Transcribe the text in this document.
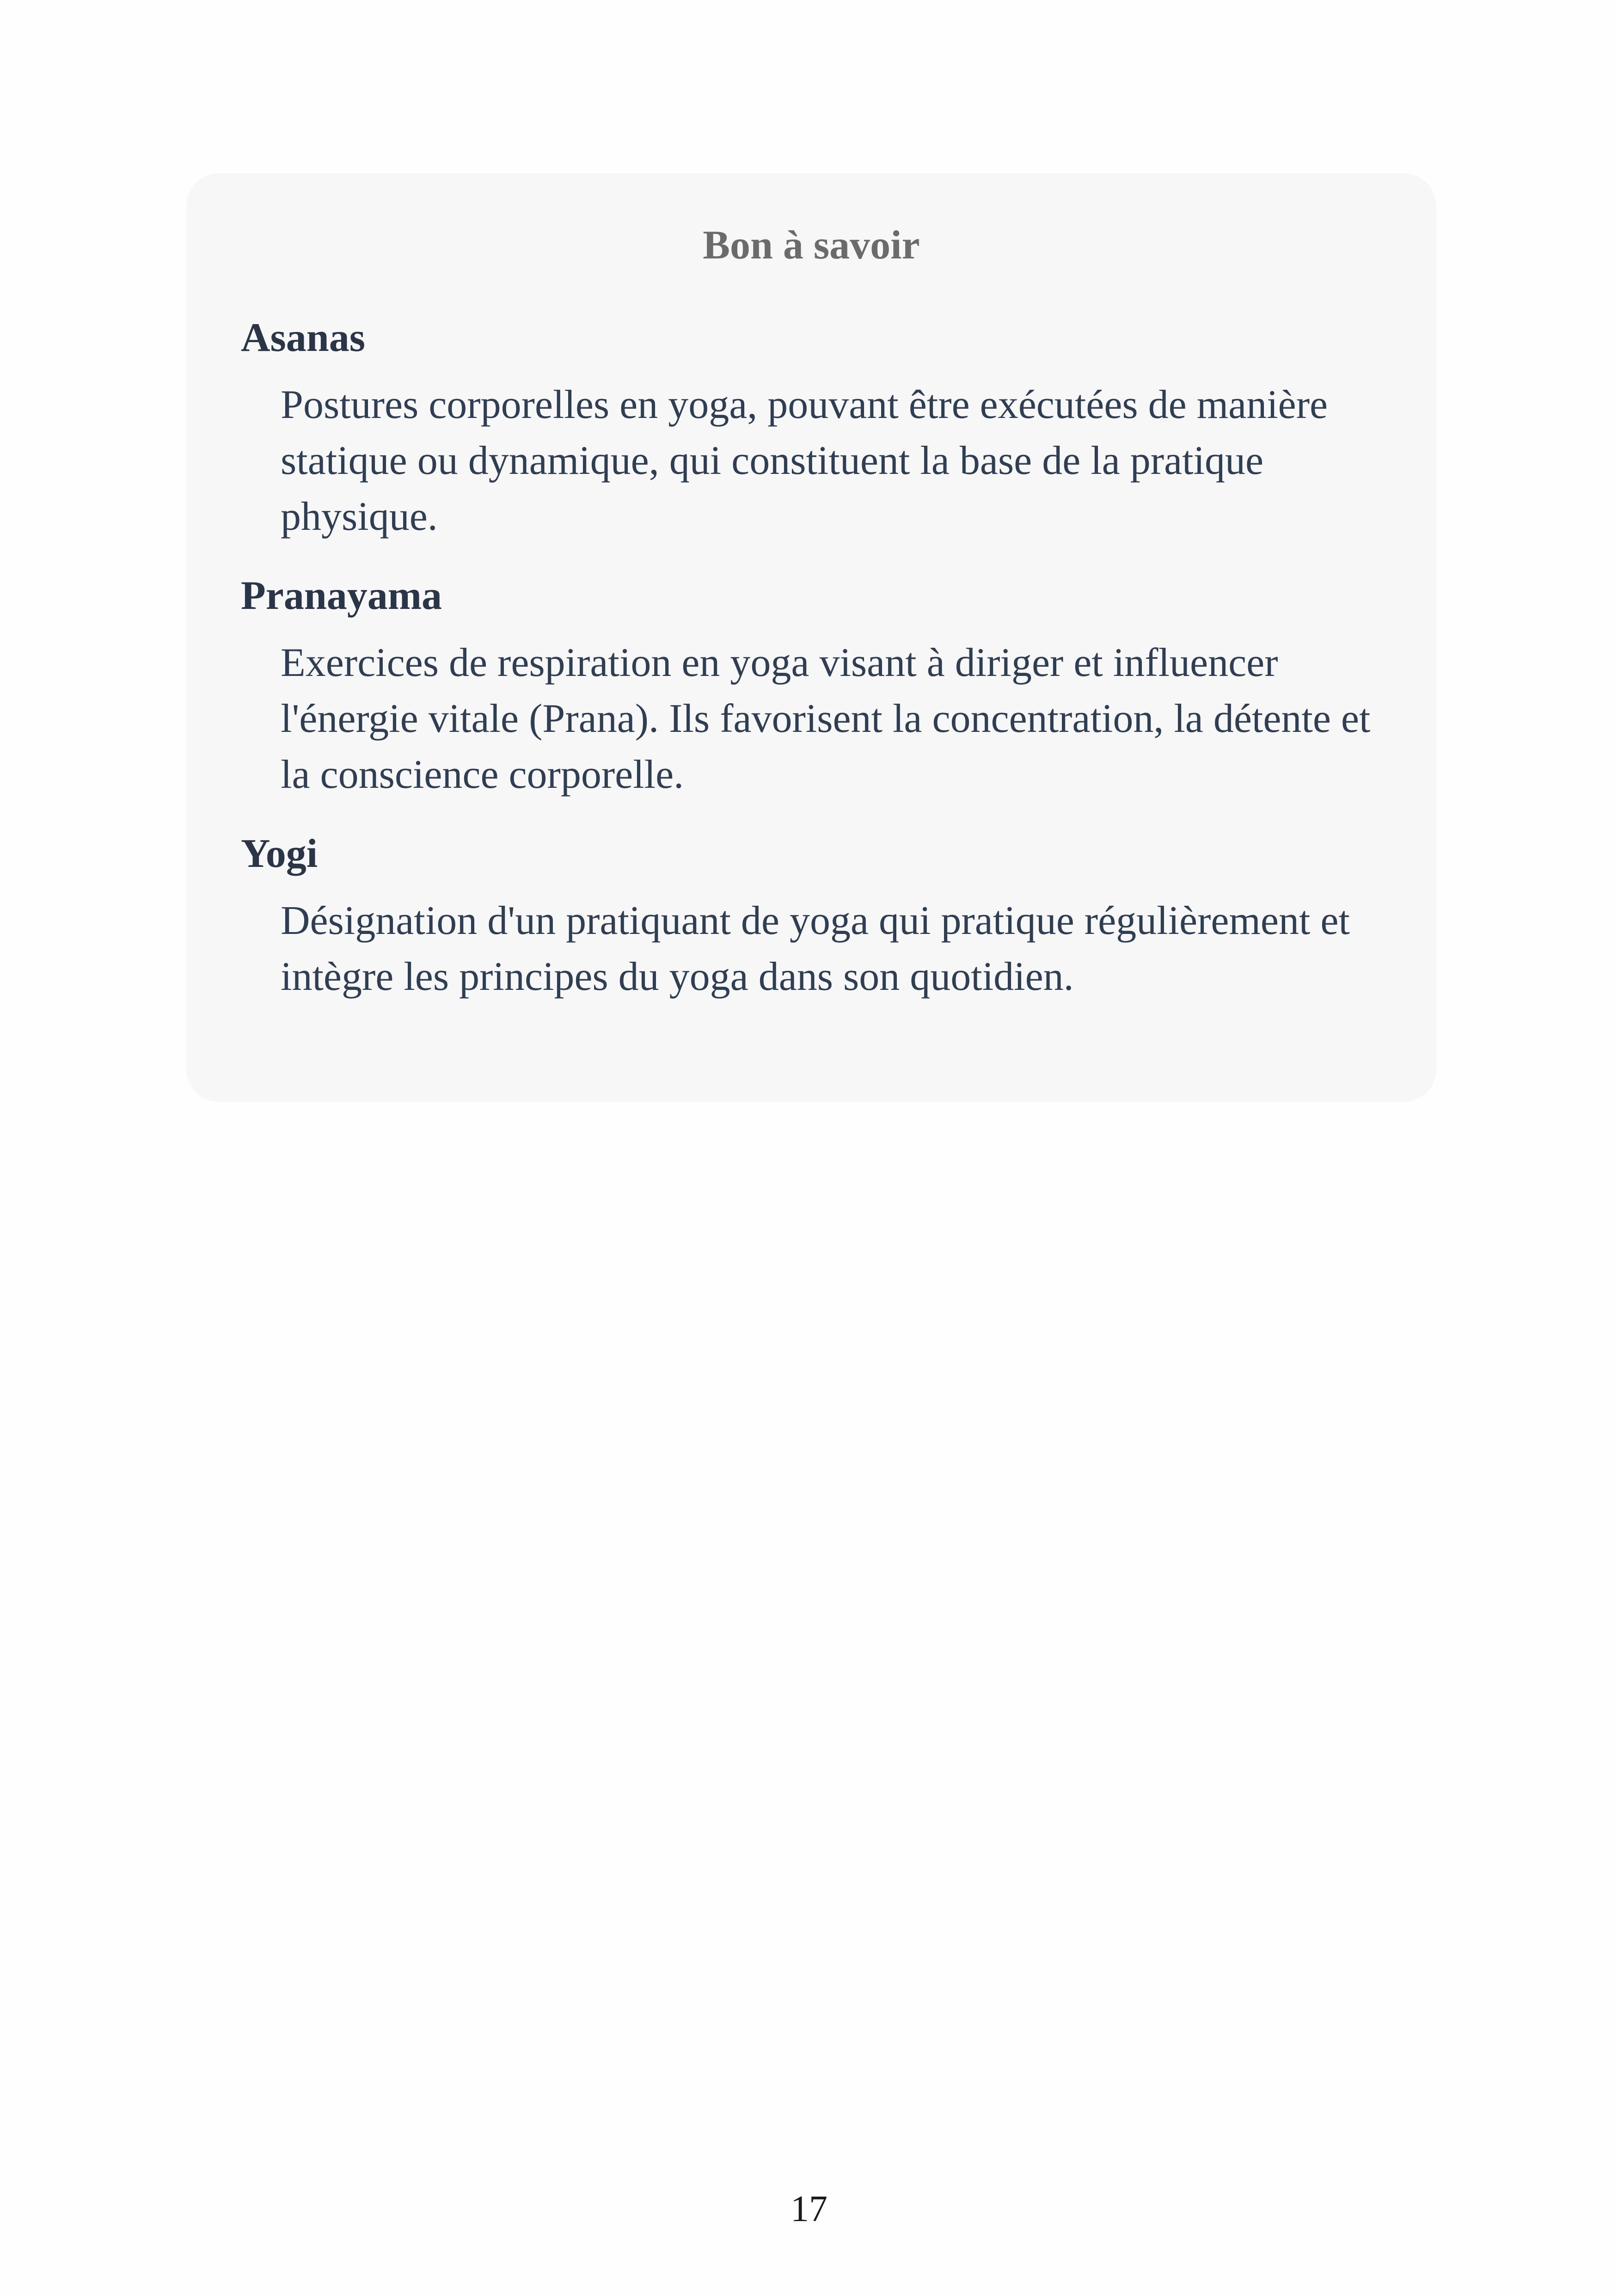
Bon à savoir
Asanas
Postures corporelles en yoga, pouvant être exécutées de manière statique ou dynamique, qui constituent la base de la pratique physique.
Pranayama
Exercices de respiration en yoga visant à diriger et influencer l'énergie vitale (Prana). Ils favorisent la concentration, la détente et la conscience corporelle.
Yogi
Désignation d'un pratiquant de yoga qui pratique régulièrement et intègre les principes du yoga dans son quotidien.
17
